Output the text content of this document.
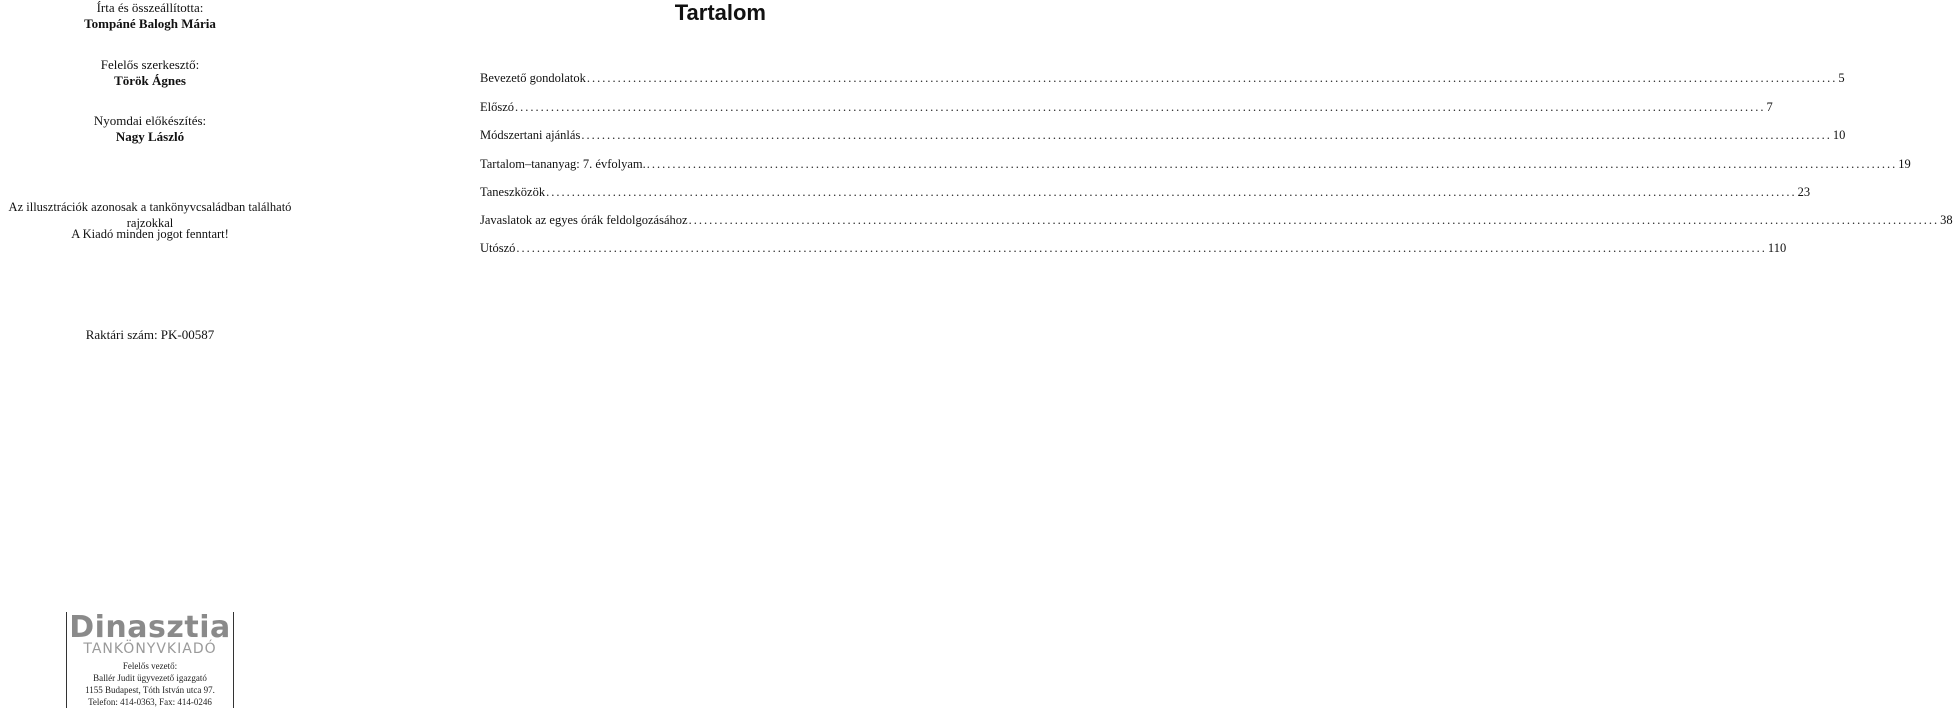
Írta és összeállította:
Tompáné Balogh Mária
Felelős szerkesztő:
Török Ágnes
Nyomdai előkészítés:
Nagy László
Az illusztrációk azonosak a tankönyvcsaládban található rajzokkal
A Kiadó minden jogot fenntart!
Raktári szám: PK-00587
Dinasztia
TANKÖNYVKIADÓ
Felelős vezető:
Ballér Judit ügyvezető igazgató
1155 Budapest, Tóth István utca 97.
Telefon: 414-0363, Fax: 414-0246
Tartalom
Bevezető gondolatok .....	5
Előszó .....	7
Módszertani ajánlás .....	10
Tartalom–tananyag: 7. évfolyam. .....	19
Taneszközök .....	23
Javaslatok az egyes órák feldolgozásához .....	38
Utószó .....	110
